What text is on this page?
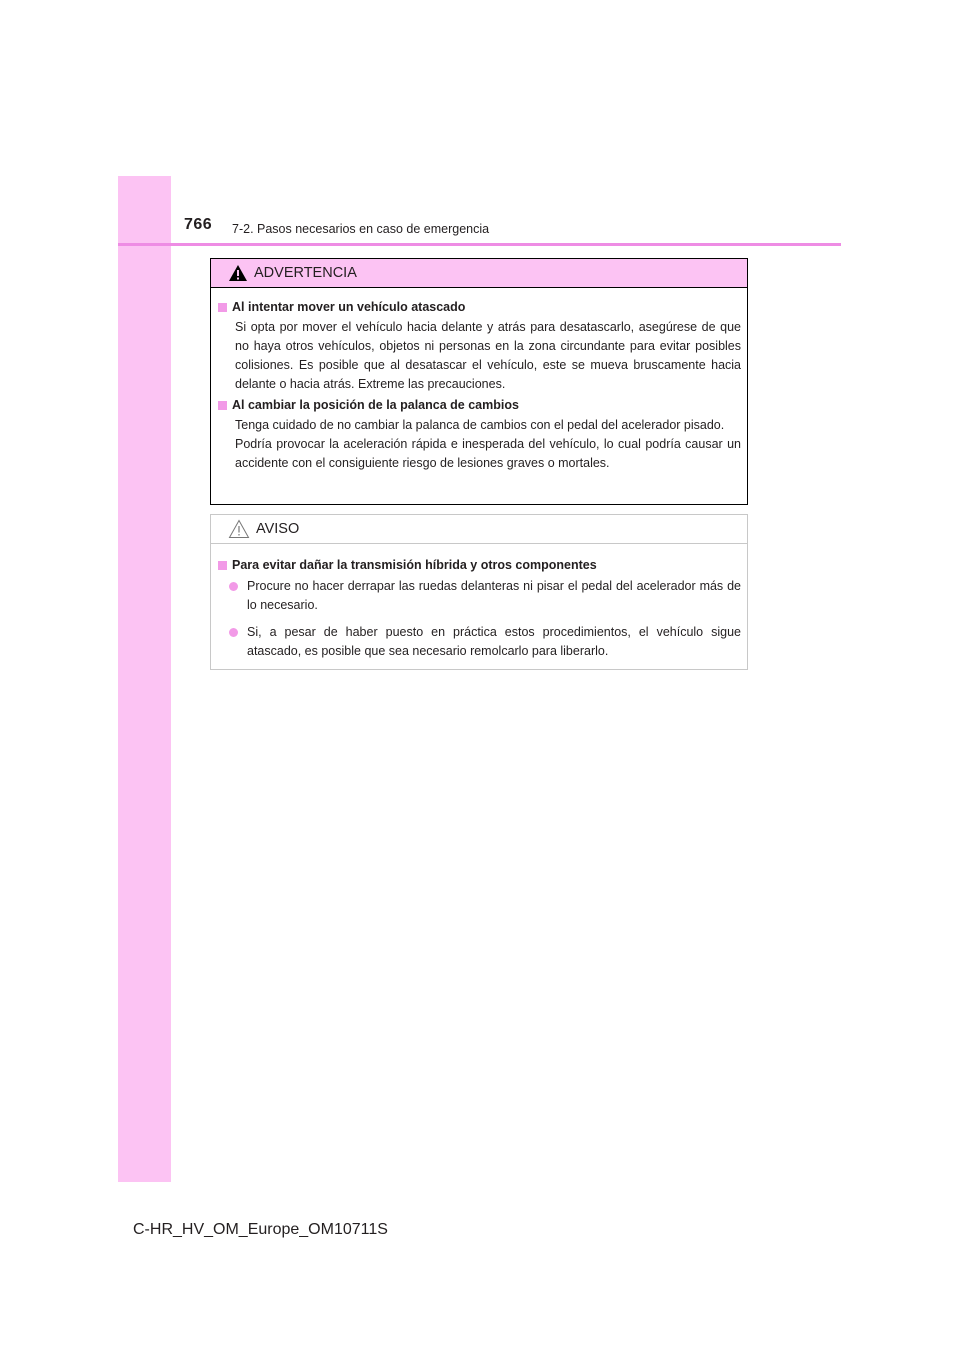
766 7-2. Pasos necesarios en caso de emergencia
ADVERTENCIA
Al intentar mover un vehículo atascado

Si opta por mover el vehículo hacia delante y atrás para desatascarlo, asegúrese de que no haya otros vehículos, objetos ni personas en la zona circundante para evitar posibles colisiones. Es posible que al desatascar el vehículo, este se mueva bruscamente hacia delante o hacia atrás. Extreme las precauciones.

Al cambiar la posición de la palanca de cambios

Tenga cuidado de no cambiar la palanca de cambios con el pedal del acelerador pisado.

Podría provocar la aceleración rápida e inesperada del vehículo, lo cual podría causar un accidente con el consiguiente riesgo de lesiones graves o mortales.

AVISO
Para evitar dañar la transmisión híbrida y otros componentes
Procure no hacer derrapar las ruedas delanteras ni pisar el pedal del acelerador más de lo necesario.
Si, a pesar de haber puesto en práctica estos procedimientos, el vehículo sigue atascado, es posible que sea necesario remolcarlo para liberarlo.
C-HR_HV_OM_Europe_OM10711S
